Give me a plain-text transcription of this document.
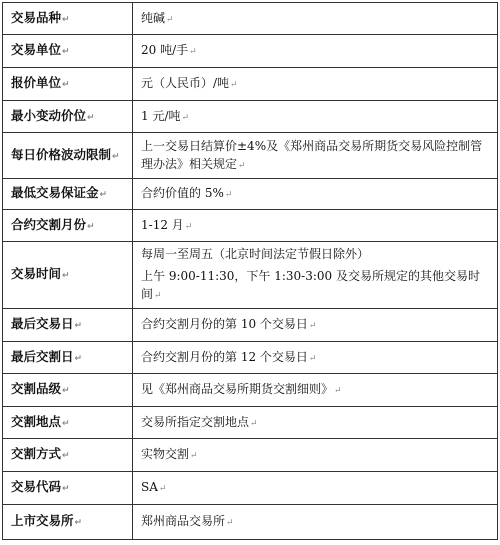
交易品种↵	纯碱↵

交易单位↵	20 吨/手↵

报价单位↵	元（人民币）/吨↵

最小变动价位↵	1 元/吨↵

每日价格波动限制↵	上一交易日结算价±4%及《郑州商品交易所期货交易风险控制管理办法》相关规定↵

最低交易保证金↵	合约价值的 5%↵

合约交割月份↵	1-12 月↵

交易时间↵	每周一至周五（北京时间法定节假日除外）
上午 9:00-11:30，下午 1:30-3:00 及交易所规定的其他交易时间↵

最后交易日↵	合约交割月份的第 10 个交易日↵

最后交割日↵	合约交割月份的第 12 个交易日↵

交割品级↵	见《郑州商品交易所期货交割细则》↵

交割地点↵	交易所指定交割地点↵

交割方式↵	实物交割↵

交易代码↵	SA↵

上市交易所↵	郑州商品交易所↵
